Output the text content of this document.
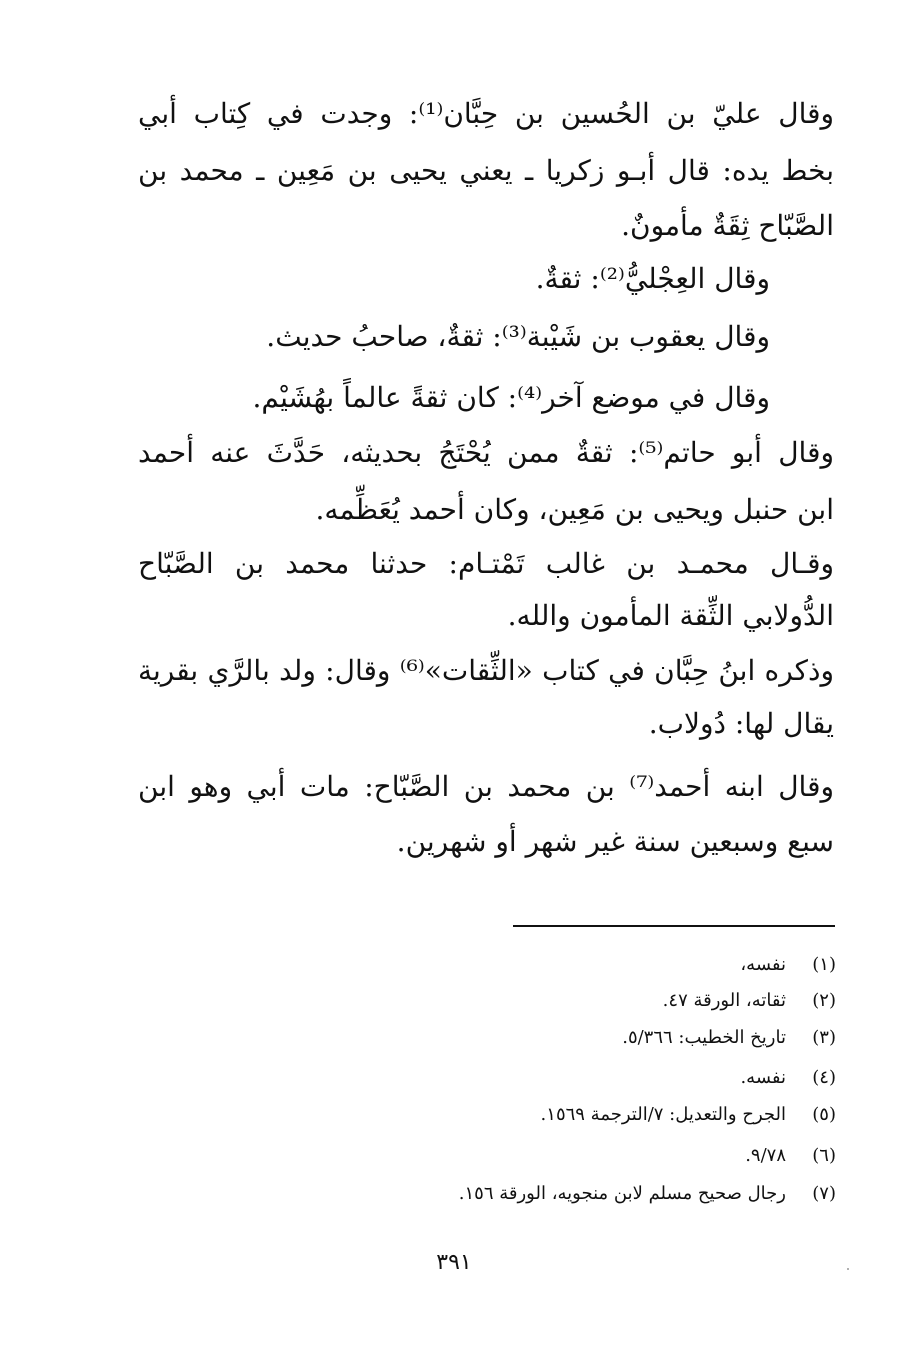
وقال عليّ بن الحُسين بن حِبَّان⁽¹⁾: وجدت في كِتاب أبي
بخط يده: قال أبـو زكريا ـ يعني يحيى بن مَعِين ـ محمد بن
الصَّبّاح ثِقَةٌ مأمونٌ.
وقال العِجْليُّ⁽²⁾: ثقةٌ.
وقال يعقوب بن شَيْبة⁽³⁾: ثقةٌ، صاحبُ حديث.
وقال في موضع آخر⁽⁴⁾: كان ثقةً عالماً بهُشَيْم.
وقال أبو حاتم⁽⁵⁾: ثقةٌ ممن يُحْتَجُ بحديثه، حَدَّثَ عنه أحمد
ابن حنبل ويحيى بن مَعِين، وكان أحمد يُعَظِّمه.
وقـال محمـد بن غالب تَمْتـام: حدثنا محمد بن الصَّبّاح
الدُّولابي الثِّقة المأمون والله.
وذكره ابنُ حِبَّان في كتاب «الثِّقات»⁽⁶⁾ وقال: ولد بالرَّي بقرية
يقال لها: دُولاب.
وقال ابنه أحمد⁽⁷⁾ بن محمد بن الصَّبّاح: مات أبي وهو ابن
سبع وسبعين سنة غير شهر أو شهرين.
(١)نفسه،
(٢)ثقاته، الورقة ٤٧.
(٣)تاريخ الخطيب: ٥/٣٦٦.
(٤)نفسه.
(٥)الجرح والتعديل: ٧/الترجمة ١٥٦٩.
(٦)٩/٧٨.
(٧)رجال صحيح مسلم لابن منجويه، الورقة ١٥٦.
٣٩١
